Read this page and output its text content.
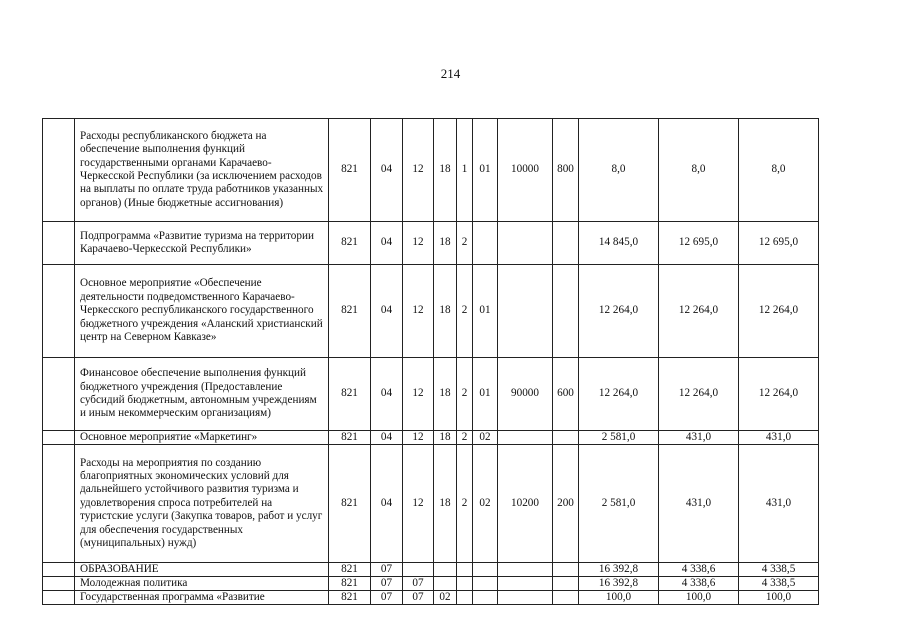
214
	Расходы республиканского бюджета на обеспечение выполнения функций государственными органами Карачаево-Черкесской Республики (за исключением расходов на выплаты по оплате труда работников указанных органов) (Иные бюджетные ассигнования)	821	04	12	18	1	01	10000	800	8,0	8,0	8,0
	Подпрограмма «Развитие туризма на территории Карачаево-Черкесской Республики»	821	04	12	18	2				14 845,0	12 695,0	12 695,0
	Основное мероприятие «Обеспечение деятельности подведомственного Карачаево-Черкесского республиканского государственного бюджетного учреждения «Аланский христианский центр на Северном Кавказе»	821	04	12	18	2	01			12 264,0	12 264,0	12 264,0
	Финансовое обеспечение выполнения функций бюджетного учреждения (Предоставление субсидий бюджетным, автономным учреждениям и иным некоммерческим организациям)	821	04	12	18	2	01	90000	600	12 264,0	12 264,0	12 264,0
	Основное мероприятие «Маркетинг»	821	04	12	18	2	02			2 581,0	431,0	431,0
	Расходы на мероприятия по созданию благоприятных экономических условий для дальнейшего устойчивого развития туризма и удовлетворения спроса потребителей на туристские услуги (Закупка товаров, работ и услуг для обеспечения государственных (муниципальных) нужд)	821	04	12	18	2	02	10200	200	2 581,0	431,0	431,0
	ОБРАЗОВАНИЕ	821	07							16 392,8	4 338,6	4 338,5
	Молодежная политика	821	07	07						16 392,8	4 338,6	4 338,5
	Государственная программа «Развитие	821	07	07	02					100,0	100,0	100,0
